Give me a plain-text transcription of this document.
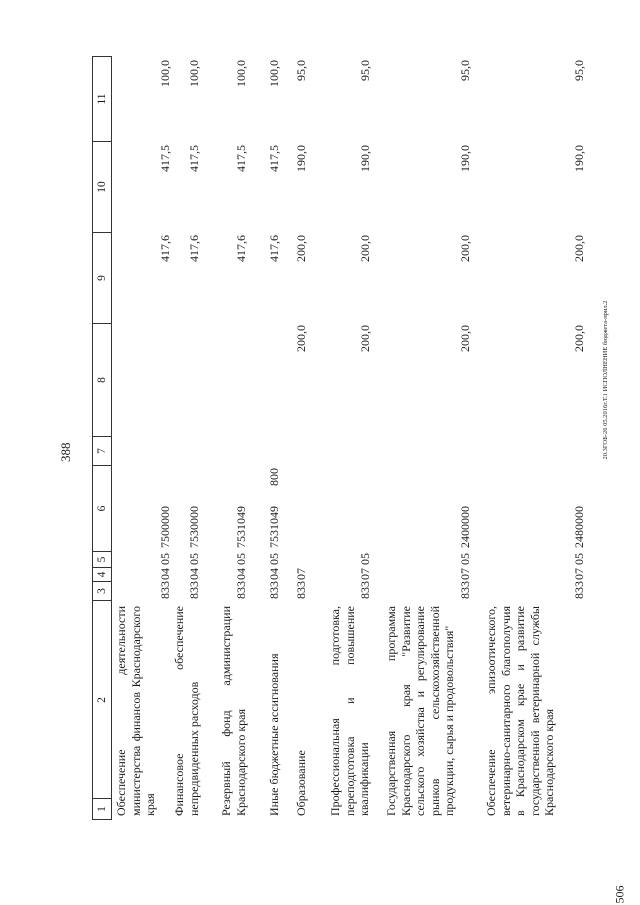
388	20.3ГОБ-26 05.2016г.Т.1 ИСПОЛНЕНИЕ бюджета-прил.2
506
1
2
3
4
5
6
7
8
9
10
11
Обеспечение деятельности министерства финансов Краснодарского края
833
04
05
7500000
417,6
417,5
100,0
Финансовое обеспечение непредвиденных расходов
833
04
05
7530000
417,6
417,5
100,0
Резервный фонд администрации Краснодарского края
833
04
05
7531049
417,6
417,5
100,0
Иные бюджетные ассигнования
833
04
05
7531049
800
417,6
417,5
100,0
Образование
833
07
200,0
200,0
190,0
95,0
Профессиональная подготовка, переподготовка и повышение квалификации
833
07
05
200,0
200,0
190,0
95,0
Государственная программа Краснодарского края "Развитие сельского хозяйства и регулирование рынков сельскохозяйственной продукции, сырья и продовольствия"
833
07
05
2400000
200,0
200,0
190,0
95,0
Обеспечение эпизоотического, ветеринарно-санитарного благополучия в Краснодарском крае и развитие государственной ветеринарной службы Краснодарского края
833
07
05
2480000
200,0
200,0
190,0
95,0
